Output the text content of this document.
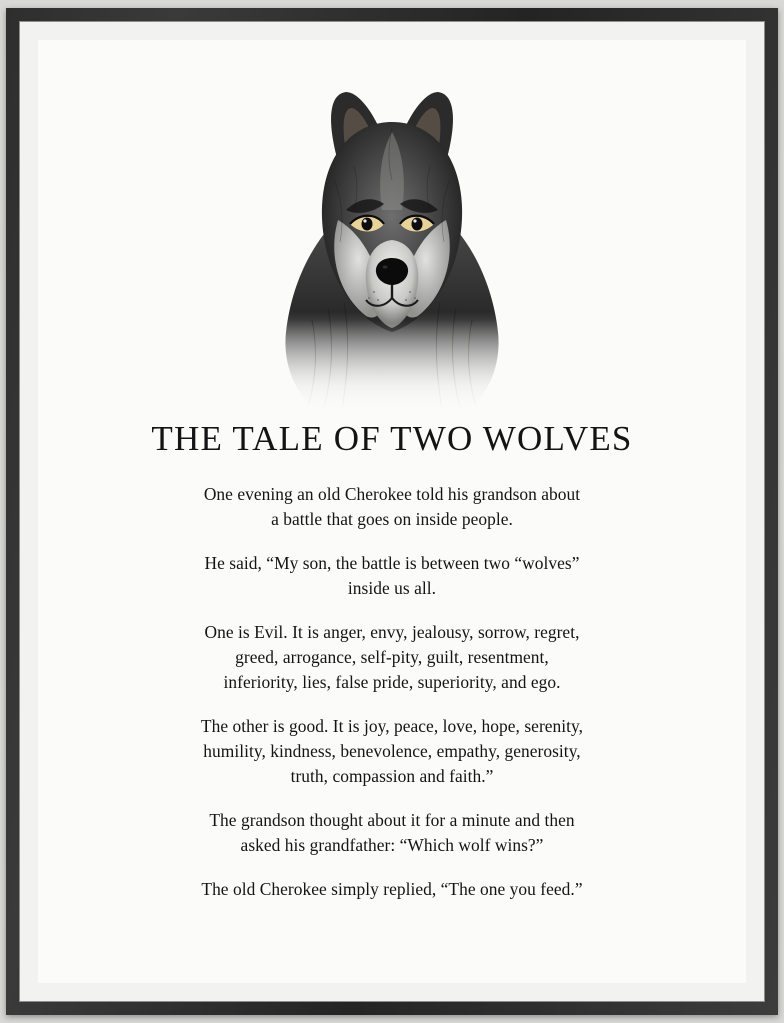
THE TALE OF TWO WOLVES
One evening an old Cherokee told his grandson about
a battle that goes on inside people.
He said, “My son, the battle is between two “wolves”
inside us all.
One is Evil. It is anger, envy, jealousy, sorrow, regret,
greed, arrogance, self-pity, guilt, resentment,
inferiority, lies, false pride, superiority, and ego.
The other is good. It is joy, peace, love, hope, serenity,
humility, kindness, benevolence, empathy, generosity,
truth, compassion and faith.”
The grandson thought about it for a minute and then
asked his grandfather: “Which wolf wins?”
The old Cherokee simply replied, “The one you feed.”
